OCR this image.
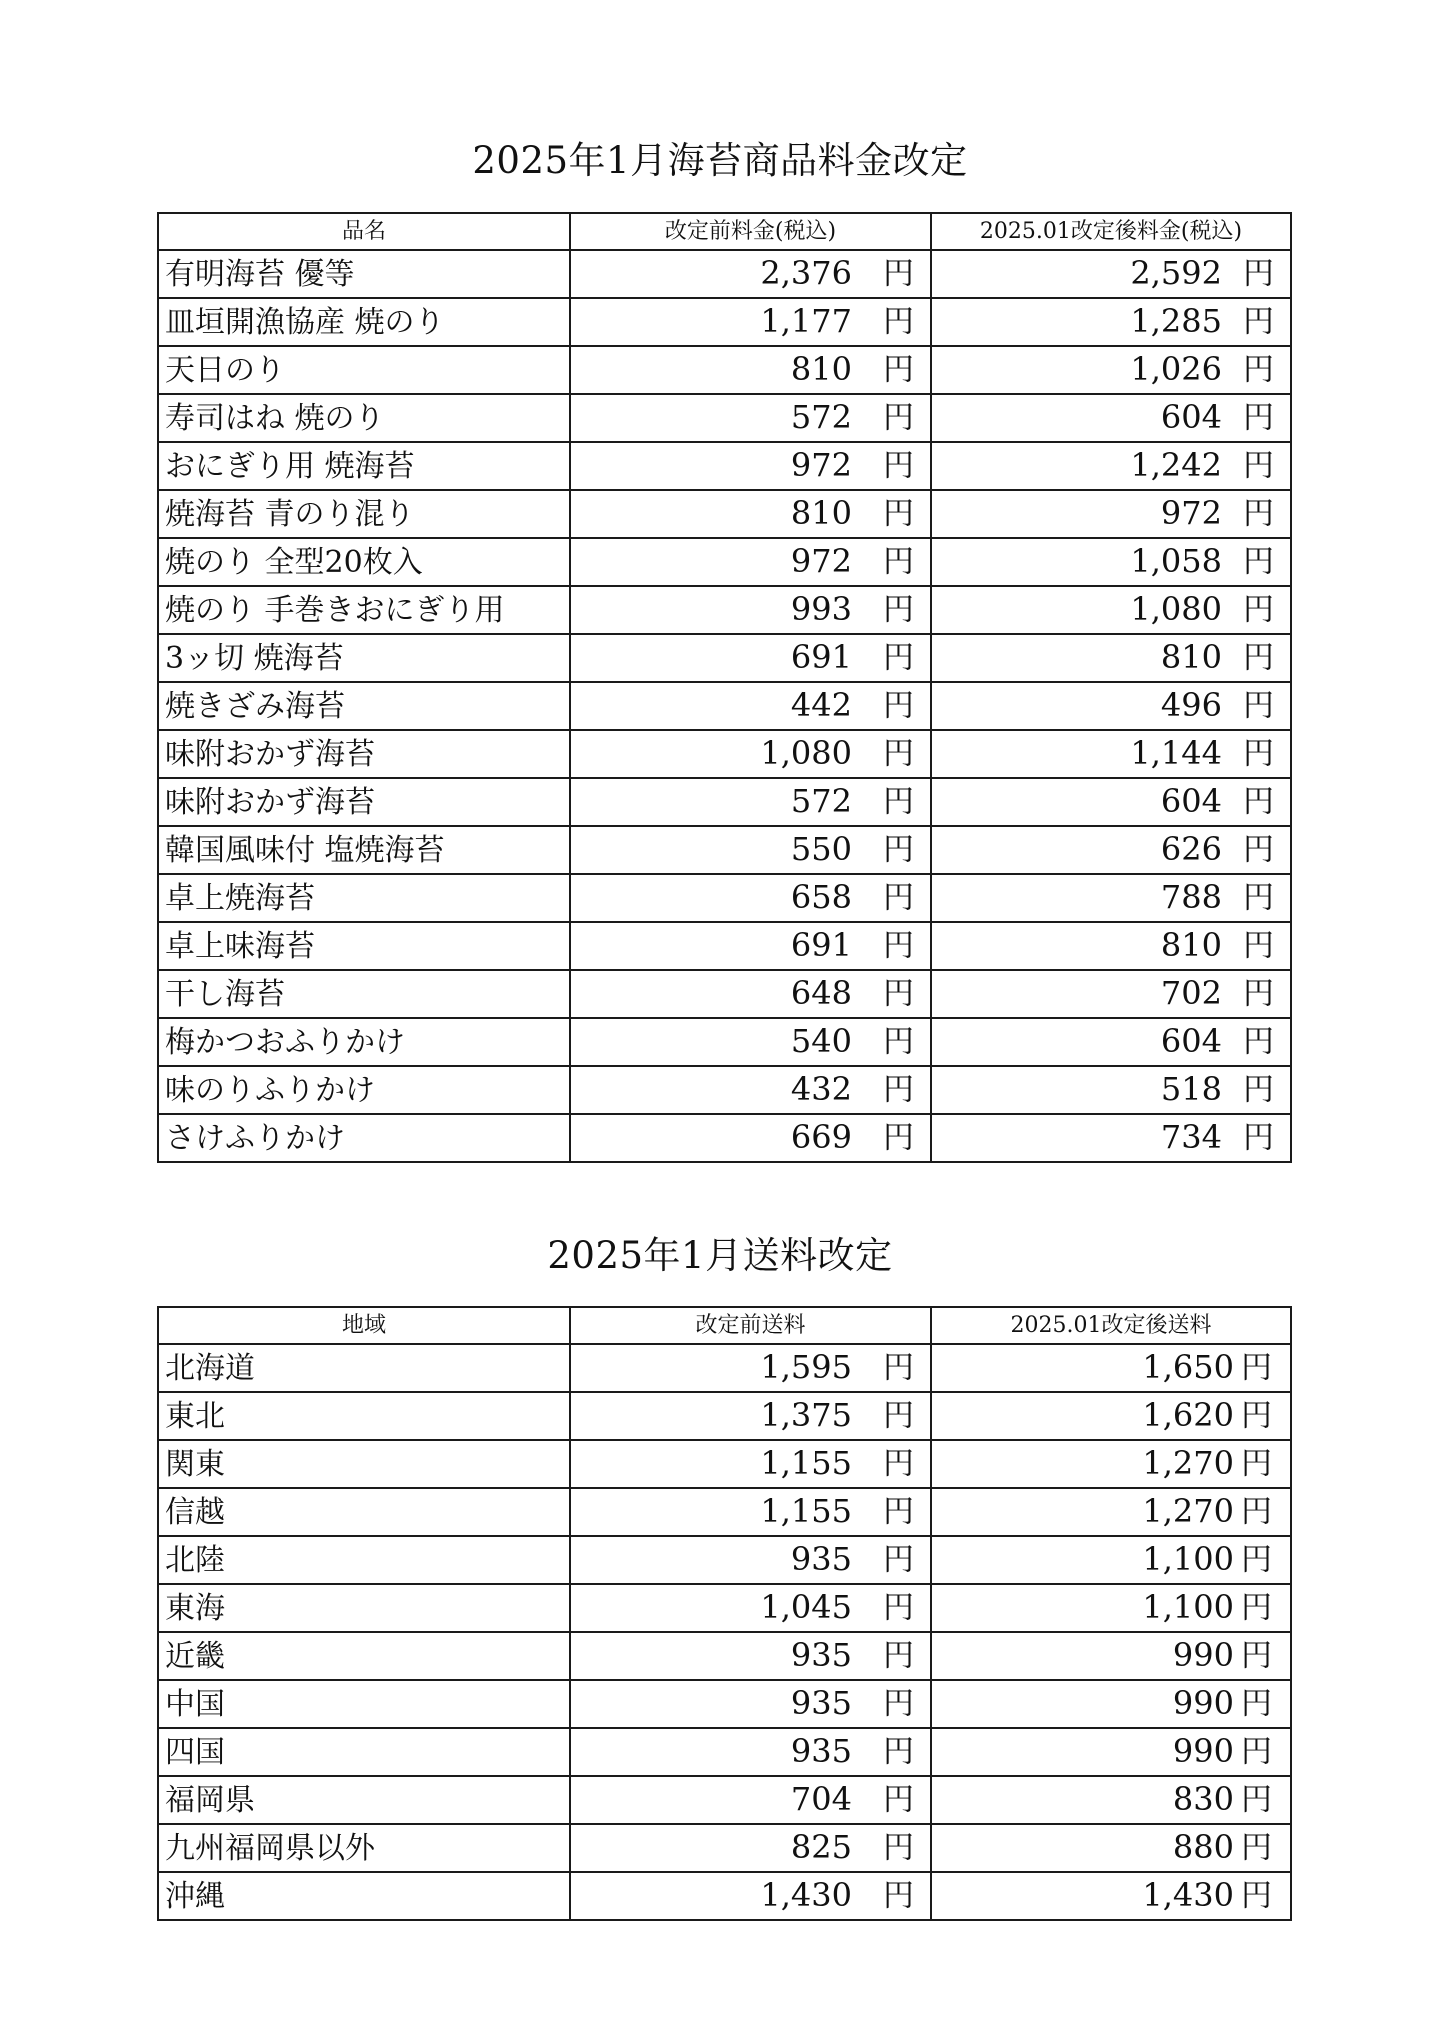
2025年1月海苔商品料金改定
品名	改定前料金(税込)	2025.01改定後料金(税込)
有明海苔 優等	2,376 円	2,592 円
皿垣開漁協産 焼のり	1,177 円	1,285 円
天日のり	810 円	1,026 円
寿司はね 焼のり	572 円	604 円
おにぎり用 焼海苔	972 円	1,242 円
焼海苔 青のり混り	810 円	972 円
焼のり 全型20枚入	972 円	1,058 円
焼のり 手巻きおにぎり用	993 円	1,080 円
3ッ切 焼海苔	691 円	810 円
焼きざみ海苔	442 円	496 円
味附おかず海苔	1,080 円	1,144 円
味附おかず海苔	572 円	604 円
韓国風味付 塩焼海苔	550 円	626 円
卓上焼海苔	658 円	788 円
卓上味海苔	691 円	810 円
干し海苔	648 円	702 円
梅かつおふりかけ	540 円	604 円
味のりふりかけ	432 円	518 円
さけふりかけ	669 円	734 円
2025年1月送料改定
地域	改定前送料	2025.01改定後送料
北海道	1,595 円	1,650 円
東北	1,375 円	1,620 円
関東	1,155 円	1,270 円
信越	1,155 円	1,270 円
北陸	935 円	1,100 円
東海	1,045 円	1,100 円
近畿	935 円	990 円
中国	935 円	990 円
四国	935 円	990 円
福岡県	704 円	830 円
九州福岡県以外	825 円	880 円
沖縄	1,430 円	1,430 円
